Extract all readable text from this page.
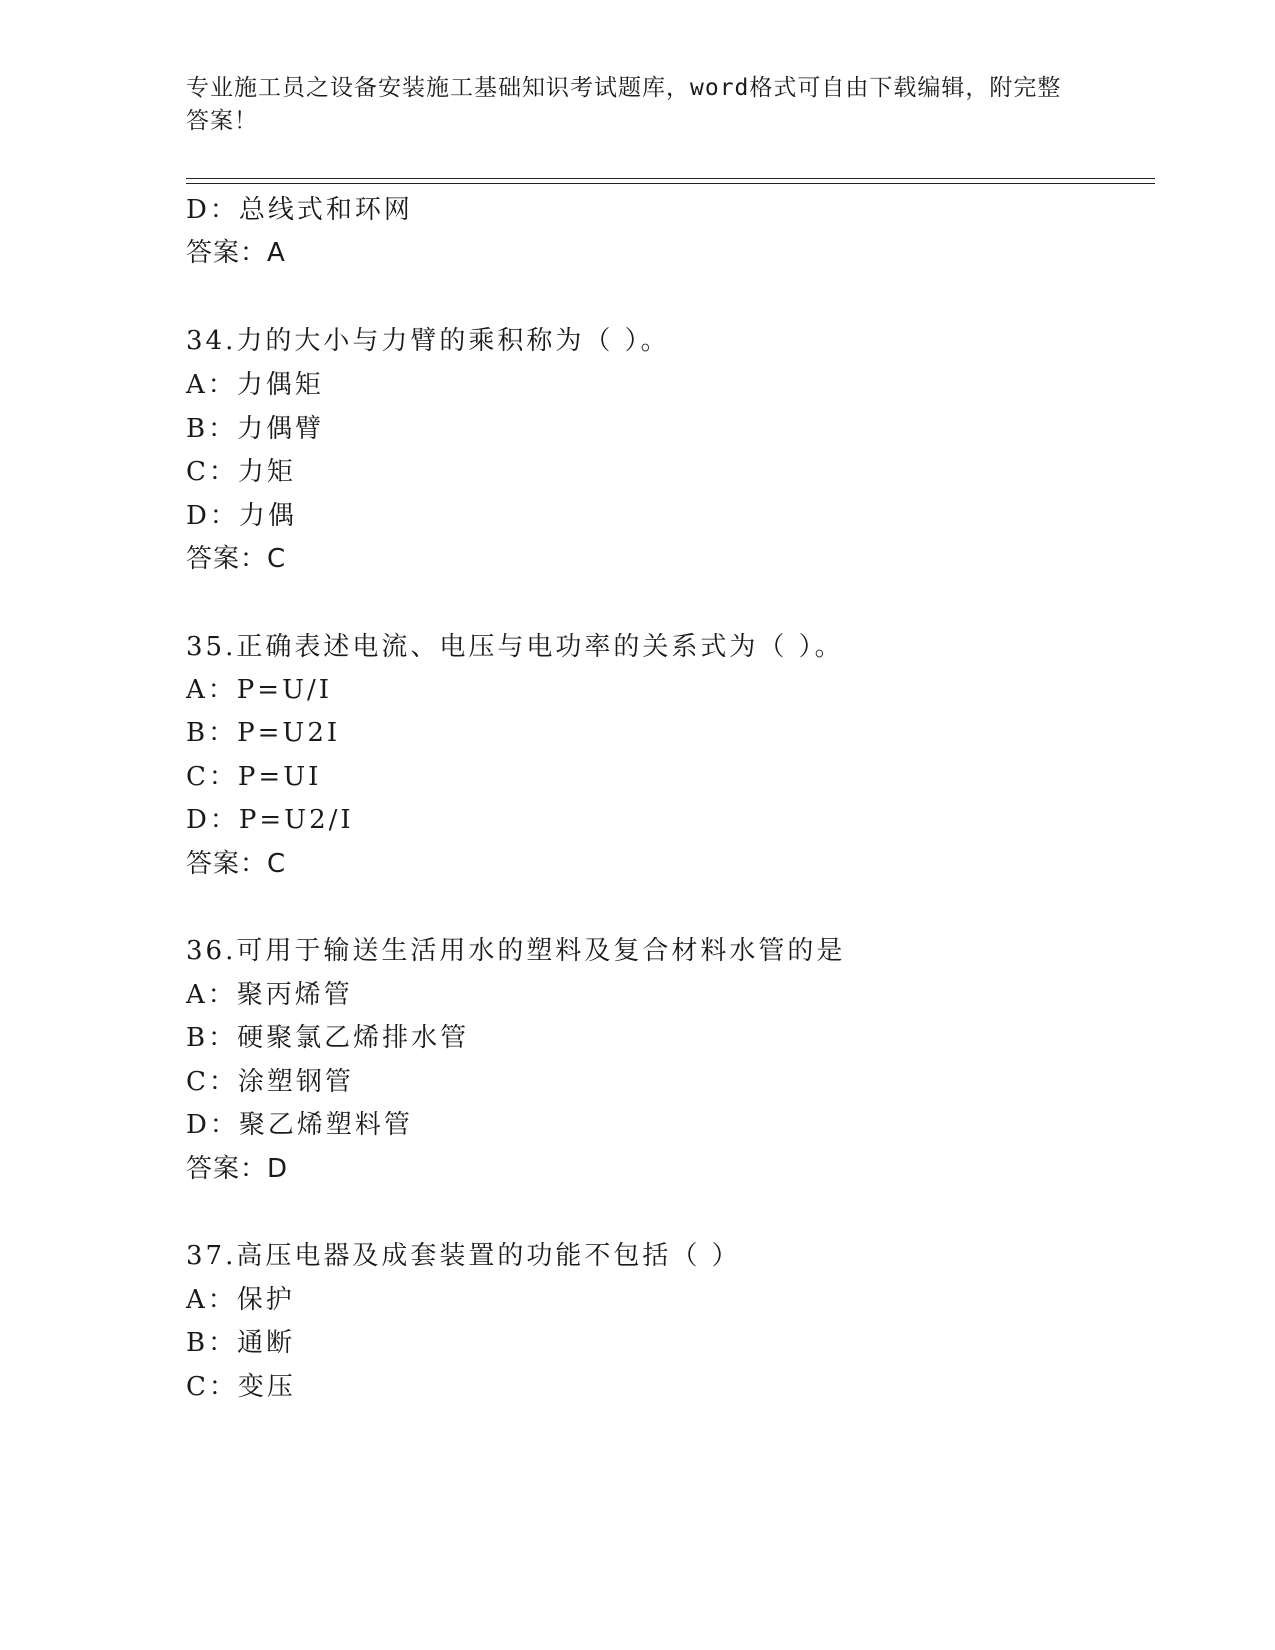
专业施工员之设备安装施工基础知识考试题库，word格式可自由下载编辑，附完整答案！
D：总线式和环网
答案：A
34.力的大小与力臂的乘积称为（ ）。
A：力偶矩
B：力偶臂
C：力矩
D：力偶
答案：C
35.正确表述电流、电压与电功率的关系式为（ ）。
A：P=U/I
B：P=U2I
C：P=UI
D：P=U2/I
答案：C
36.可用于输送生活用水的塑料及复合材料水管的是
A：聚丙烯管
B：硬聚氯乙烯排水管
C：涂塑钢管
D：聚乙烯塑料管
答案：D
37.高压电器及成套装置的功能不包括（ ）
A：保护
B：通断
C：变压
